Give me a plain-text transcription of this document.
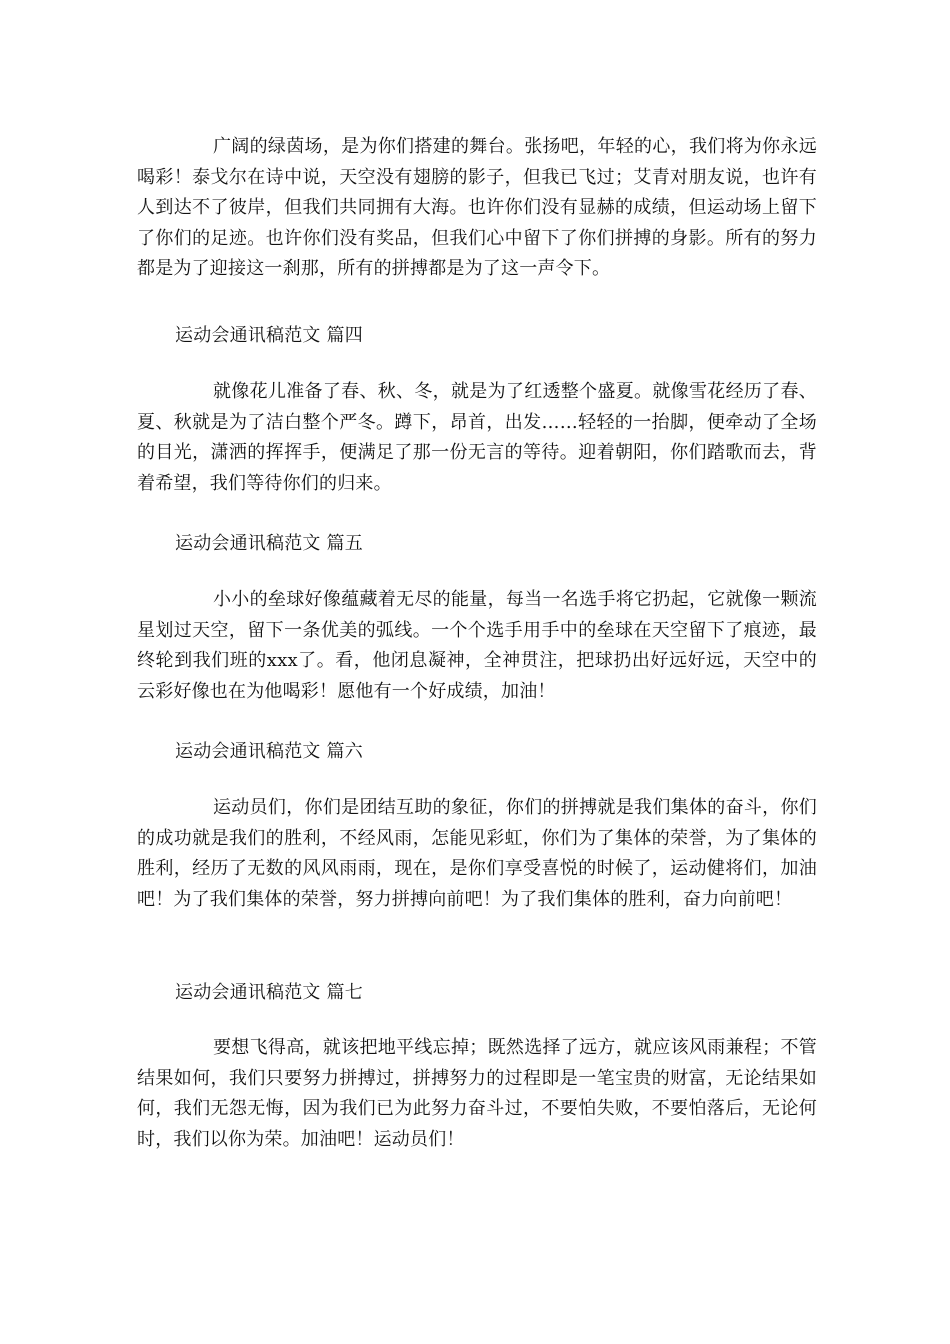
广阔的绿茵场，是为你们搭建的舞台。张扬吧，年轻的心，我们将为你永远喝彩！泰戈尔在诗中说，天空没有翅膀的影子，但我已飞过；艾青对朋友说，也许有人到达不了彼岸，但我们共同拥有大海。也许你们没有显赫的成绩，但运动场上留下了你们的足迹。也许你们没有奖品，但我们心中留下了你们拼搏的身影。所有的努力都是为了迎接这一刹那，所有的拼搏都是为了这一声令下。

运动会通讯稿范文 篇四

就像花儿准备了春、秋、冬，就是为了红透整个盛夏。就像雪花经历了春、夏、秋就是为了洁白整个严冬。蹲下，昂首，出发……轻轻的一抬脚，便牵动了全场的目光，潇洒的挥挥手，便满足了那一份无言的等待。迎着朝阳，你们踏歌而去，背着希望，我们等待你们的归来。

运动会通讯稿范文 篇五

小小的垒球好像蕴藏着无尽的能量，每当一名选手将它扔起，它就像一颗流星划过天空，留下一条优美的弧线。一个个选手用手中的垒球在天空留下了痕迹，最终轮到我们班的xxx了。看，他闭息凝神，全神贯注，把球扔出好远好远，天空中的云彩好像也在为他喝彩！愿他有一个好成绩，加油！

运动会通讯稿范文 篇六

运动员们，你们是团结互助的象征，你们的拼搏就是我们集体的奋斗，你们的成功就是我们的胜利，不经风雨，怎能见彩虹，你们为了集体的荣誉，为了集体的胜利，经历了无数的风风雨雨，现在，是你们享受喜悦的时候了，运动健将们，加油吧！为了我们集体的荣誉，努力拼搏向前吧！为了我们集体的胜利，奋力向前吧！

运动会通讯稿范文 篇七

要想飞得高，就该把地平线忘掉；既然选择了远方，就应该风雨兼程；不管结果如何，我们只要努力拼搏过，拼搏努力的过程即是一笔宝贵的财富，无论结果如何，我们无怨无悔，因为我们已为此努力奋斗过，不要怕失败，不要怕落后，无论何时，我们以你为荣。加油吧！运动员们！
